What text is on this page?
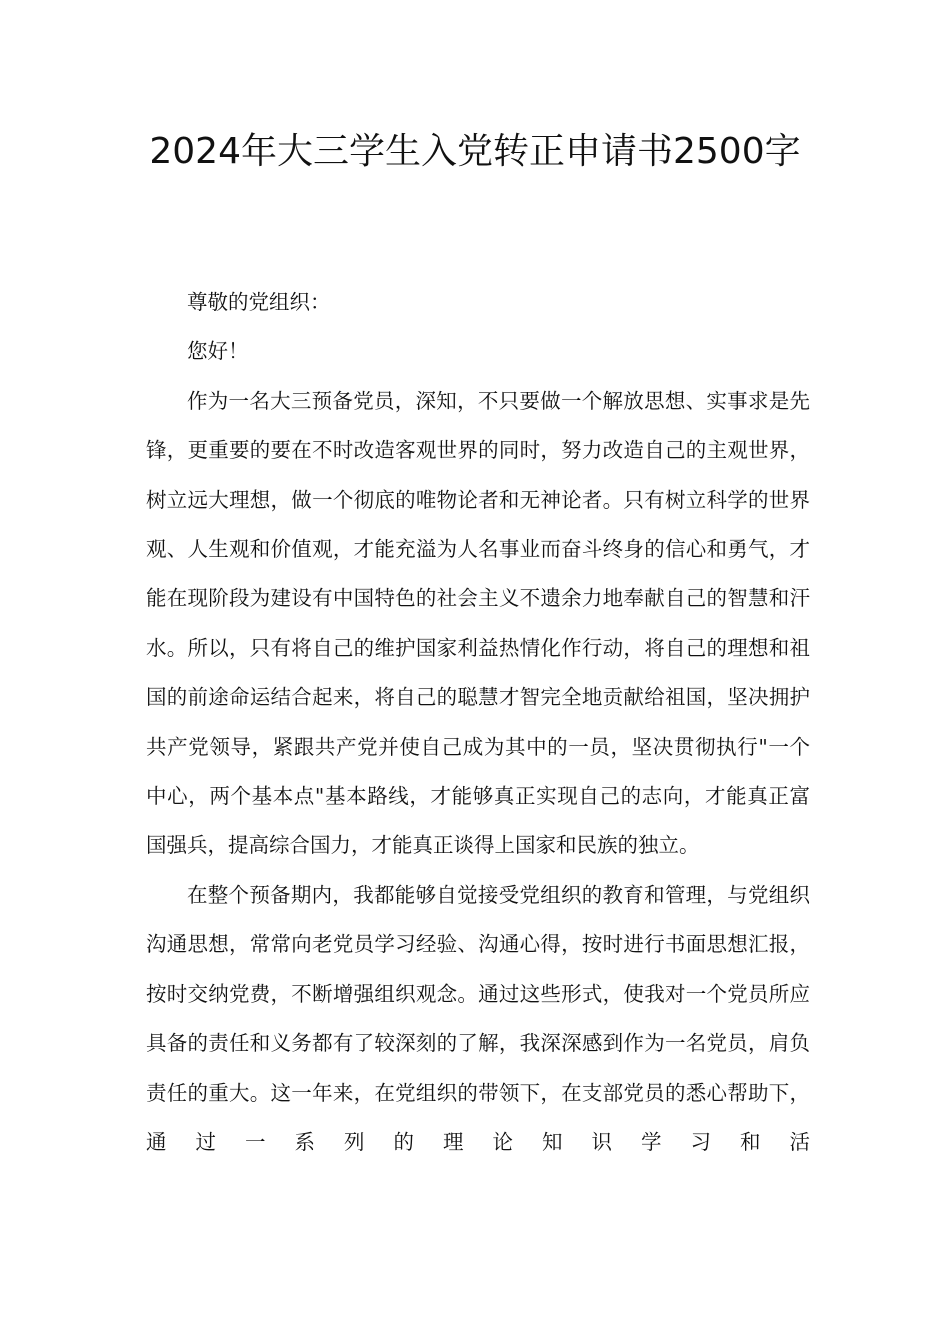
2024年大三学生入党转正申请书2500字

尊敬的党组织：

您好！

作为一名大三预备党员，深知，不只要做一个解放思想、实事求是先锋，更重要的要在不时改造客观世界的同时，努力改造自己的主观世界，树立远大理想，做一个彻底的唯物论者和无神论者。只有树立科学的世界观、人生观和价值观，才能充溢为人名事业而奋斗终身的信心和勇气，才能在现阶段为建设有中国特色的社会主义不遗余力地奉献自己的智慧和汗水。所以，只有将自己的维护国家利益热情化作行动，将自己的理想和祖国的前途命运结合起来，将自己的聪慧才智完全地贡献给祖国，坚决拥护共产党领导，紧跟共产党并使自己成为其中的一员，坚决贯彻执行"一个中心，两个基本点"基本路线，才能够真正实现自己的志向，才能真正富国强兵，提高综合国力，才能真正谈得上国家和民族的独立。

在整个预备期内，我都能够自觉接受党组织的教育和管理，与党组织沟通思想，常常向老党员学习经验、沟通心得，按时进行书面思想汇报，按时交纳党费，不断增强组织观念。通过这些形式，使我对一个党员所应具备的责任和义务都有了较深刻的了解，我深深感到作为一名党员，肩负责任的重大。这一年来，在党组织的带领下，在支部党员的悉心帮助下，通过一系列的理论知识学习和活
